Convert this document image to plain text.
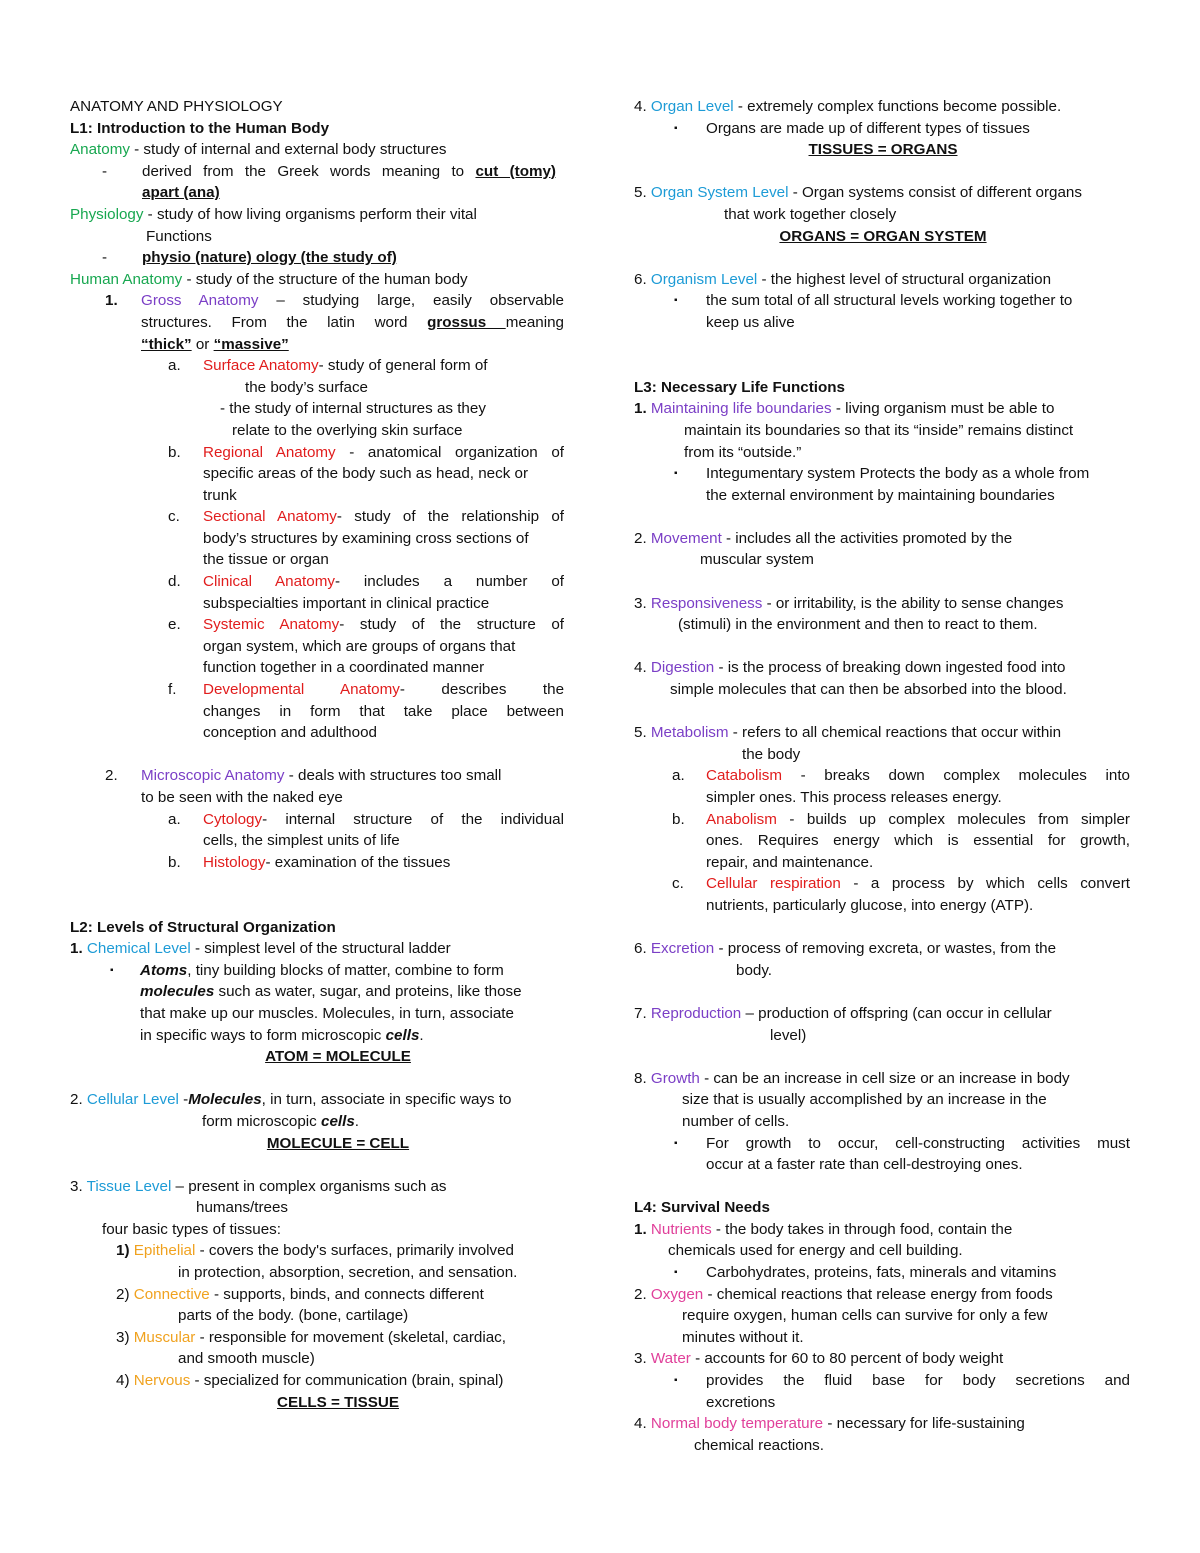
ANATOMY AND PHYSIOLOGY
L1: Introduction to the Human Body
Anatomy - study of internal and external body structures
- derived from the Greek words meaning to cut (tomy)
apart (ana)
Physiology - study of how living organisms perform their vital
Functions
- physio (nature) ology (the study of)
Human Anatomy - study of the structure of the human body
1. Gross Anatomy – studying large, easily observable
structures. From the latin word grossus meaning
“thick” or “massive”
a. Surface Anatomy- study of general form of
the body’s surface
- the study of internal structures as they
relate to the overlying skin surface
b. Regional Anatomy - anatomical organization of
specific areas of the body such as head, neck or
trunk
c. Sectional Anatomy- study of the relationship of
body’s structures by examining cross sections of
the tissue or organ
d. Clinical Anatomy- includes a number of
subspecialties important in clinical practice
e. Systemic Anatomy- study of the structure of
organ system, which are groups of organs that
function together in a coordinated manner
f. Developmental Anatomy- describes the
changes in form that take place between
conception and adulthood
2. Microscopic Anatomy - deals with structures too small
to be seen with the naked eye
a. Cytology- internal structure of the individual
cells, the simplest units of life
b. Histology- examination of the tissues
L2: Levels of Structural Organization
1. Chemical Level - simplest level of the structural ladder
▪ Atoms, tiny building blocks of matter, combine to form
molecules such as water, sugar, and proteins, like those
that make up our muscles. Molecules, in turn, associate
in specific ways to form microscopic cells.
ATOM = MOLECULE
2. Cellular Level -Molecules, in turn, associate in specific ways to
form microscopic cells.
MOLECULE = CELL
3. Tissue Level – present in complex organisms such as
humans/trees
four basic types of tissues:
1) Epithelial - covers the body's surfaces, primarily involved
in protection, absorption, secretion, and sensation.
2) Connective - supports, binds, and connects different
parts of the body. (bone, cartilage)
3) Muscular - responsible for movement (skeletal, cardiac,
and smooth muscle)
4) Nervous - specialized for communication (brain, spinal)
CELLS = TISSUE
4. Organ Level - extremely complex functions become possible.
▪ Organs are made up of different types of tissues
TISSUES = ORGANS
5. Organ System Level - Organ systems consist of different organs
that work together closely
ORGANS = ORGAN SYSTEM
6. Organism Level - the highest level of structural organization
▪ the sum total of all structural levels working together to
keep us alive
L3: Necessary Life Functions
1. Maintaining life boundaries - living organism must be able to
maintain its boundaries so that its “inside” remains distinct
from its “outside.”
▪ Integumentary system Protects the body as a whole from
the external environment by maintaining boundaries
2. Movement - includes all the activities promoted by the
muscular system
3. Responsiveness - or irritability, is the ability to sense changes
(stimuli) in the environment and then to react to them.
4. Digestion - is the process of breaking down ingested food into
simple molecules that can then be absorbed into the blood.
5. Metabolism - refers to all chemical reactions that occur within
the body
a. Catabolism - breaks down complex molecules into
simpler ones. This process releases energy.
b. Anabolism - builds up complex molecules from simpler
ones. Requires energy which is essential for growth,
repair, and maintenance.
c. Cellular respiration - a process by which cells convert
nutrients, particularly glucose, into energy (ATP).
6. Excretion - process of removing excreta, or wastes, from the
body.
7. Reproduction – production of offspring (can occur in cellular
level)
8. Growth - can be an increase in cell size or an increase in body
size that is usually accomplished by an increase in the
number of cells.
▪ For growth to occur, cell-constructing activities must
occur at a faster rate than cell-destroying ones.
L4: Survival Needs
1. Nutrients - the body takes in through food, contain the
chemicals used for energy and cell building.
▪ Carbohydrates, proteins, fats, minerals and vitamins
2. Oxygen - chemical reactions that release energy from foods
require oxygen, human cells can survive for only a few
minutes without it.
3. Water - accounts for 60 to 80 percent of body weight
▪ provides the fluid base for body secretions and
excretions
4. Normal body temperature - necessary for life-sustaining
chemical reactions.
